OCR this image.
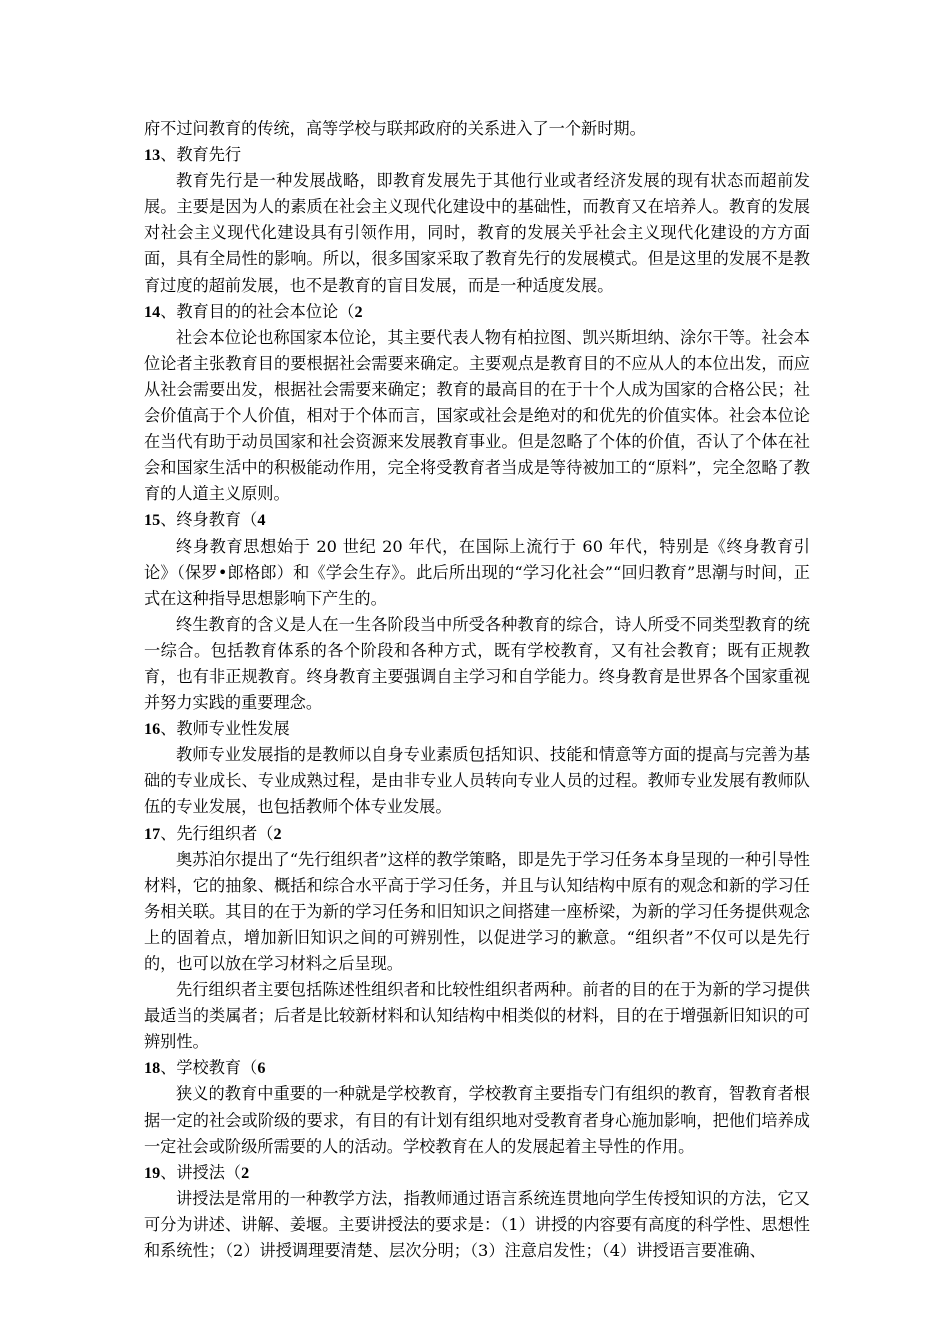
府不过问教育的传统，高等学校与联邦政府的关系进入了一个新时期。

13、教育先行

教育先行是一种发展战略，即教育发展先于其他行业或者经济发展的现有状态而超前发展。主要是因为人的素质在社会主义现代化建设中的基础性，而教育又在培养人。教育的发展对社会主义现代化建设具有引领作用，同时，教育的发展关乎社会主义现代化建设的方方面面，具有全局性的影响。所以，很多国家采取了教育先行的发展模式。但是这里的发展不是教育过度的超前发展，也不是教育的盲目发展，而是一种适度发展。

14、教育目的的社会本位论（2

社会本位论也称国家本位论，其主要代表人物有柏拉图、凯兴斯坦纳、涂尔干等。社会本位论者主张教育目的要根据社会需要来确定。主要观点是教育目的不应从人的本位出发，而应从社会需要出发，根据社会需要来确定；教育的最高目的在于十个人成为国家的合格公民；社会价值高于个人价值，相对于个体而言，国家或社会是绝对的和优先的价值实体。社会本位论在当代有助于动员国家和社会资源来发展教育事业。但是忽略了个体的价值，否认了个体在社会和国家生活中的积极能动作用，完全将受教育者当成是等待被加工的“原料”，完全忽略了教育的人道主义原则。

15、终身教育（4

终身教育思想始于 20 世纪 20 年代，在国际上流行于 60 年代，特别是《终身教育引论》（保罗•郎格郎）和《学会生存》。此后所出现的“学习化社会”“回归教育”思潮与时间，正式在这种指导思想影响下产生的。

终生教育的含义是人在一生各阶段当中所受各种教育的综合，诗人所受不同类型教育的统一综合。包括教育体系的各个阶段和各种方式，既有学校教育，又有社会教育；既有正规教育，也有非正规教育。终身教育主要强调自主学习和自学能力。终身教育是世界各个国家重视并努力实践的重要理念。

16、教师专业性发展

教师专业发展指的是教师以自身专业素质包括知识、技能和情意等方面的提高与完善为基础的专业成长、专业成熟过程，是由非专业人员转向专业人员的过程。教师专业发展有教师队伍的专业发展，也包括教师个体专业发展。

17、先行组织者（2

奥苏泊尔提出了“先行组织者”这样的教学策略，即是先于学习任务本身呈现的一种引导性材料，它的抽象、概括和综合水平高于学习任务，并且与认知结构中原有的观念和新的学习任务相关联。其目的在于为新的学习任务和旧知识之间搭建一座桥梁，为新的学习任务提供观念上的固着点，增加新旧知识之间的可辨别性，以促进学习的歉意。“组织者”不仅可以是先行的，也可以放在学习材料之后呈现。

先行组织者主要包括陈述性组织者和比较性组织者两种。前者的目的在于为新的学习提供最适当的类属者；后者是比较新材料和认知结构中相类似的材料，目的在于增强新旧知识的可辨别性。

18、学校教育（6

狭义的教育中重要的一种就是学校教育，学校教育主要指专门有组织的教育，智教育者根据一定的社会或阶级的要求，有目的有计划有组织地对受教育者身心施加影响，把他们培养成一定社会或阶级所需要的人的活动。学校教育在人的发展起着主导性的作用。

19、讲授法（2

讲授法是常用的一种教学方法，指教师通过语言系统连贯地向学生传授知识的方法，它又可分为讲述、讲解、姜堰。主要讲授法的要求是：（1）讲授的内容要有高度的科学性、思想性和系统性；（2）讲授调理要清楚、层次分明；（3）注意启发性；（4）讲授语言要准确、
